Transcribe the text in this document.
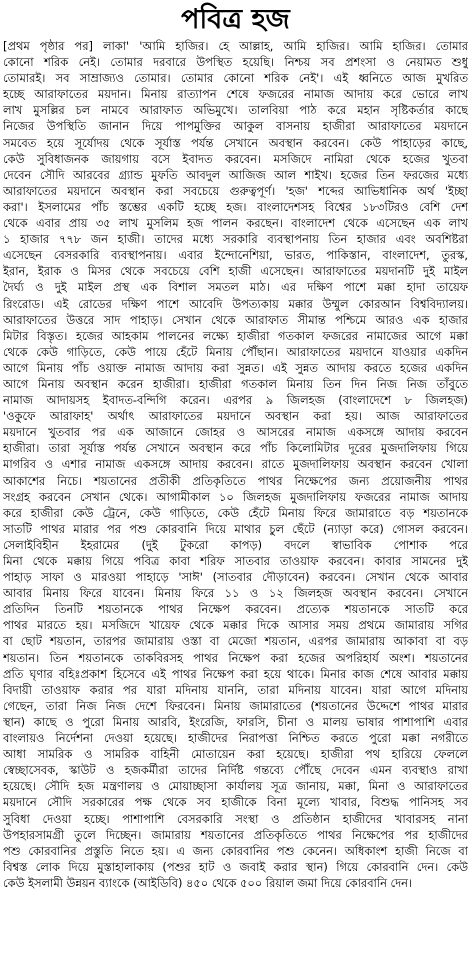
পবিত্র হজ
[প্রথম পৃষ্ঠার পর] লাকা' 'আমি হাজির। হে আল্লাহ, আমি হাজির। আমি হাজির। তোমার
কোনো শরিক নেই। তোমার দরবারে উপস্থিত হয়েছি। নিশ্চয় সব প্রশংসা ও নেয়ামত শুধু
তোমারই। সব সাম্রাজ্যও তোমার। তোমার কোনো শরিক নেই'। এই ধ্বনিতে আজ মুখরিত
হচ্ছে আরাফাতের ময়দান। মিনায় রাত্যাপন শেষে ফজরের নামাজ আদায় করে ভোরে লাখ
লাখ মুসল্লির চল নামবে আরাফাত অভিমুখে। তালবিয়া পাঠ করে মহান সৃষ্টিকর্তার কাছে
নিজের উপস্থিতি জানান দিয়ে পাপমুক্তির আকুল বাসনায় হাজীরা আরাফাতের ময়দানে
সমবেত হয়ে সূর্যোদয় থেকে সূর্যাস্ত পর্যন্ত সেখানে অবস্থান করবেন। কেউ পাহাড়ের কাছে,
কেউ সুবিধাজনক জায়গায় বসে ইবাদত করবেন। মসজিদে নামিরা থেকে হজের খুতবা
দেবেন সৌদি আরবের গ্র্যান্ড মুফতি আবদুল আজিজ আল শাইখ। হজের তিন ফরজের মধ্যে
আরাফাতের ময়দানে অবস্থান করা সবচেয়ে গুরুত্বপূর্ণ। 'হজ' শব্দের আভিধানিক অর্থ 'ইচ্ছা
করা'। ইসলামের পাঁচ স্তম্ভের একটি হচ্ছে হজ। বাংলাদেশসহ বিশ্বের ১৮৩টিরও বেশি দেশ
থেকে এবার প্রায় ৩৫ লাখ মুসলিম হজ পালন করছেন। বাংলাদেশ থেকে এসেছেন এক লাখ
১ হাজার ৭৭৮ জন হাজী। তাদের মধ্যে সরকারি ব্যবস্থাপনায় তিন হাজার এবং অবশিষ্টরা
এসেছেন বেসরকারি ব্যবস্থাপনায়। এবার ইন্দোনেশিয়া, ভারত, পাকিস্তান, বাংলাদেশ, তুরস্ক,
ইরান, ইরাক ও মিসর থেকে সবচেয়ে বেশি হাজী এসেছেন। আরাফাতের ময়দানটি দুই মাইল
দৈর্ঘ্য ও দুই মাইল প্রস্থ এক বিশাল সমতল মাঠ। এর দক্ষিণ পাশে মক্কা হাদা তায়েফ
রিংরোড। এই রোডের দক্ষিণ পাশে আবেদি উপত্যকায় মক্কার উম্মুল কোরআন বিশ্ববিদ্যালয়।
আরাফাতের উত্তরে সাদ পাহাড়। সেখান থেকে আরাফাত সীমান্ত পশ্চিমে আরও এক হাজার
মিটার বিস্তৃত। হজের আহকাম পালনের লক্ষ্যে হাজীরা গতকাল ফজরের নামাজের আগে মক্কা
থেকে কেউ গাড়িতে, কেউ পায়ে হেঁটে মিনায় পৌঁছান। আরাফাতের ময়দানে যাওয়ার একদিন
আগে মিনায় পাঁচ ওয়াক্ত নামাজ আদায় করা সুন্নত। এই সুন্নত আদায় করতে হজের একদিন
আগে মিনায় অবস্থান করেন হাজীরা। হাজীরা গতকাল মিনায় তিন দিন নিজ নিজ তাঁবুতে
নামাজ আদায়সহ ইবাদত-বন্দিগি করেন। এরপর ৯ জিলহজ (বাংলাদেশে ৮ জিলহজ)
'ওকুফে আরাফাহ' অর্থাৎ আরাফাতের ময়দানে অবস্থান করা হয়। আজ আরাফাতের
ময়দানে খুতবার পর এক আজানে জোহর ও আসরের নামাজ একসঙ্গে আদায় করবেন
হাজীরা। তারা সূর্যাস্ত পর্যন্ত সেখানে অবস্থান করে পাঁচ কিলোমিটার দূরের মুজদালিফায় গিয়ে
মাগরিব ও এশার নামাজ একসঙ্গে আদায় করবেন। রাতে মুজদালিফায় অবস্থান করবেন খোলা
আকাশের নিচে। শয়তানের প্রতীকী প্রতিকৃতিতে পাথর নিক্ষেপের জন্য প্রয়োজনীয় পাথর
সংগ্রহ করবেন সেখান থেকে। আগামীকাল ১০ জিলহজ মুজদালিফায় ফজরের নামাজ আদায়
করে হাজীরা কেউ ট্রেনে, কেউ গাড়িতে, কেউ হেঁটে মিনায় ফিরে জামারাতে বড় শয়তানকে
সাতটি পাথর মারার পর পশু কোরবানি দিয়ে মাথার চুল ছেঁটে (ন্যাড়া করে) গোসল করবেন।
সেলাইবিহীন ইহরামের (দুই টুকরো কাপড়) বদলে স্বাভাবিক পোশাক পরে
মিনা থেকে মক্কায় গিয়ে পবিত্র কাবা শরিফ সাতবার তাওয়াফ করবেন। কাবার সামনের দুই
পাহাড় সাফা ও মারওয়া পাহাড়ে 'সাঈ' (সাতবার দৌড়াবেন) করবেন। সেখান থেকে আবার
আবার মিনায় ফিরে যাবেন। মিনায় ফিরে ১১ ও ১২ জিলহজ অবস্থান করবেন। সেখানে
প্রতিদিন তিনটি শয়তানকে পাথর নিক্ষেপ করবেন। প্রত্যেক শয়তানকে সাতটি করে
পাথর মারতে হয়। মসজিদে খায়েফ থেকে মক্কার দিকে আসার সময় প্রথমে জামারায় সগির
বা ছোট শয়তান, তারপর জামারায় ওস্তা বা মেজো শয়তান, এরপর জামারায় আকাবা বা বড়
শয়তান। তিন শয়তানকে তাকবিরসহ পাথর নিক্ষেপ করা হজের অপরিহার্য অংশ। শয়তানের
প্রতি ঘৃণার বহিঃপ্রকাশ হিসেবে এই পাথর নিক্ষেপ করা হয়ে থাকে। মিনার কাজ শেষে আবার মক্কায়
বিদায়ী তাওয়াফ করার পর যারা মদিনায় যাননি, তারা মদিনায় যাবেন। যারা আগে মদিনায়
গেছেন, তারা নিজ নিজ দেশে ফিরবেন। মিনায় জামারাতের (শয়তানের উদ্দেশে পাথর মারার
স্থান) কাছে ও পুরো মিনায় আরবি, ইংরেজি, ফারসি, চীনা ও মালয় ভাষার পাশাপাশি এবার
বাংলায়ও নির্দেশনা দেওয়া হয়েছে। হাজীদের নিরাপত্তা নিশ্চিত করতে পুরো মক্কা নগরীতে
আধা সামরিক ও সামরিক বাহিনী মোতায়েন করা হয়েছে। হাজীরা পথ হারিয়ে ফেললে
স্বেচ্ছাসেবক, স্কাউট ও হজকর্মীরা তাদের নির্দিষ্ট গন্তব্যে পৌঁছে দেবেন এমন ব্যবস্থাও রাখা
হয়েছে। সৌদি হজ মন্ত্রণালয় ও মোয়াচ্ছাসা কার্যালয় সূত্র জানায়, মক্কা, মিনা ও আরাফাতের
ময়দানে সৌদি সরকারের পক্ষ থেকে সব হাজীকে বিনা মূল্যে খাবার, বিশুদ্ধ পানিসহ সব
সুবিধা দেওয়া হচ্ছে। পাশাপাশি বেসরকারি সংস্থা ও প্রতিষ্ঠান হাজীদের খাবারসহ নানা
উপহারসামগ্রী তুলে দিচ্ছেন। জামারায় শয়তানের প্রতিকৃতিতে পাথর নিক্ষেপের পর হাজীদের
পশু কোরবানির প্রস্তুতি নিতে হয়। এ জন্য কোরবানির পশু কেনেন। অধিকাংশ হাজী নিজে বা
বিশ্বস্ত লোক দিয়ে মুস্তাহালাকায় (পশুর হাট ও জবাই করার স্থান) গিয়ে কোরবানি দেন। কেউ
কেউ ইসলামী উন্নয়ন ব্যাংকে (আইডিবি) ৪৫০ থেকে ৫০০ রিয়াল জমা দিয়ে কোরবানি দেন।
